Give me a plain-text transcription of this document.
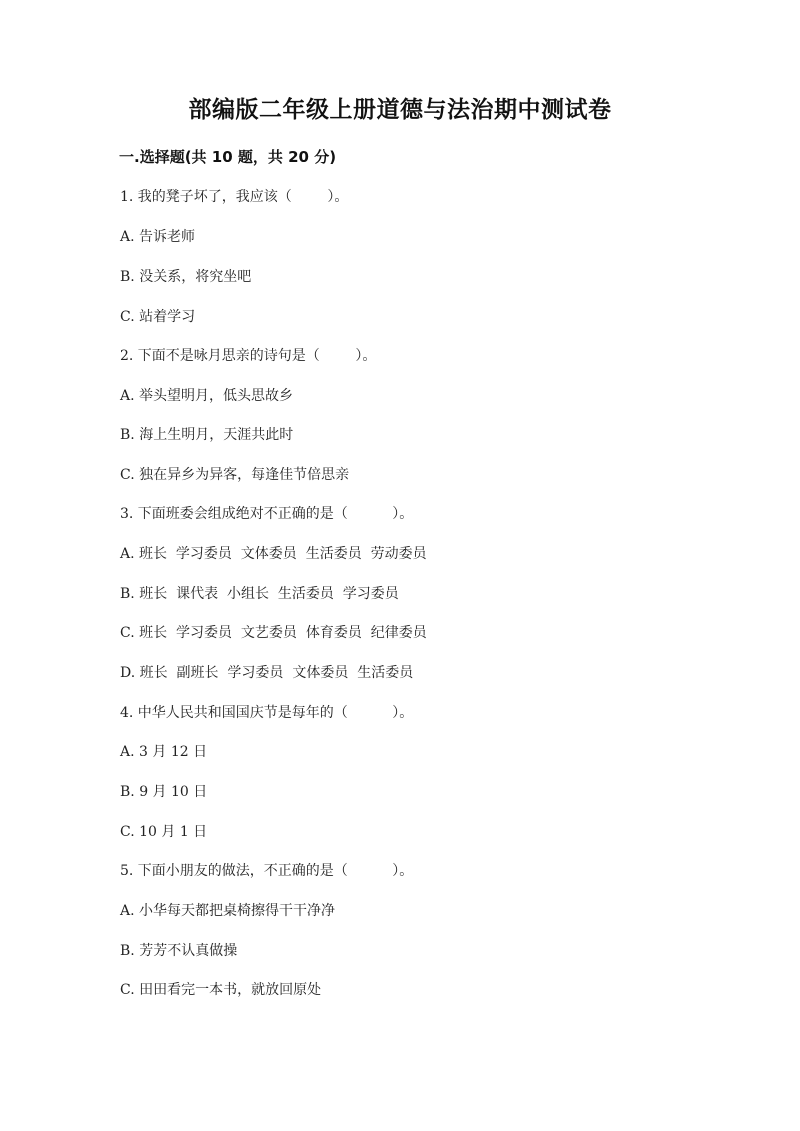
部编版二年级上册道德与法治期中测试卷
一.选择题(共 10 题，共 20 分)
1. 我的凳子坏了，我应该（        ）。
A. 告诉老师
B. 没关系，将究坐吧
C. 站着学习
2. 下面不是咏月思亲的诗句是（        ）。
A. 举头望明月，低头思故乡
B. 海上生明月，天涯共此时
C. 独在异乡为异客，每逢佳节倍思亲
3. 下面班委会组成绝对不正确的是（          ）。
A. 班长  学习委员  文体委员  生活委员  劳动委员
B. 班长  课代表  小组长  生活委员  学习委员
C. 班长  学习委员  文艺委员  体育委员  纪律委员
D. 班长  副班长  学习委员  文体委员  生活委员
4. 中华人民共和国国庆节是每年的（          ）。
A. 3 月 12 日
B. 9 月 10 日
C. 10 月 1 日
5. 下面小朋友的做法，不正确的是（          ）。
A. 小华每天都把桌椅擦得干干净净
B. 芳芳不认真做操
C. 田田看完一本书，就放回原处
